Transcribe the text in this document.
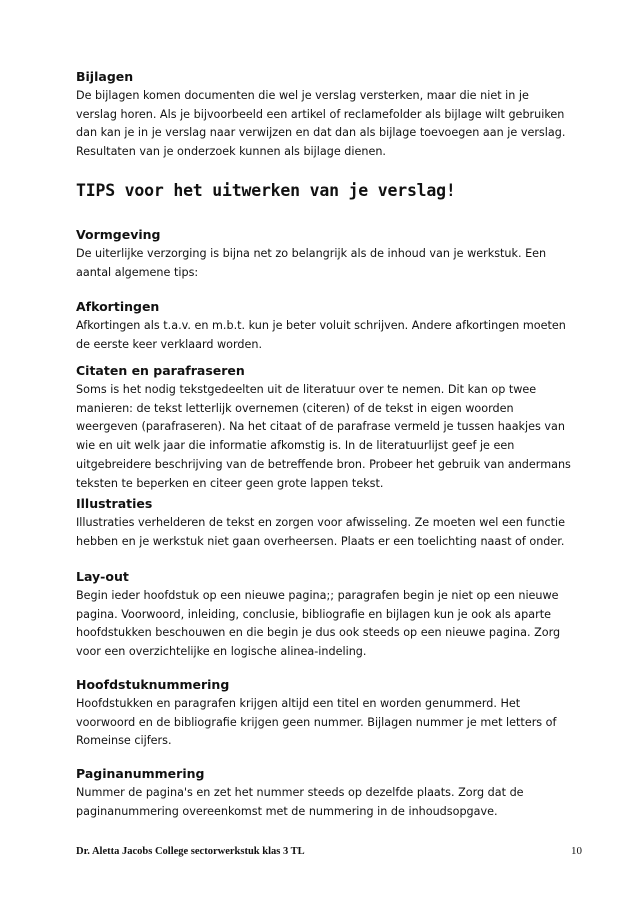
Bijlagen

De bijlagen komen documenten die wel je verslag versterken, maar die niet in je verslag horen. Als je bijvoorbeeld een artikel of reclamefolder als bijlage wilt gebruiken dan kan je in je verslag naar verwijzen en dat dan als bijlage toevoegen aan je verslag. Resultaten van je onderzoek kunnen als bijlage dienen.

TIPS voor het uitwerken van je verslag!
Vormgeving

De uiterlijke verzorging is bijna net zo belangrijk als de inhoud van je werkstuk. Een aantal algemene tips:

Afkortingen

Afkortingen als t.a.v. en m.b.t. kun je beter voluit schrijven. Andere afkortingen moeten de eerste keer verklaard worden.

Citaten en parafraseren

Soms is het nodig tekstgedeelten uit de literatuur over te nemen. Dit kan op twee manieren: de tekst letterlijk overnemen (citeren) of de tekst in eigen woorden weergeven (parafraseren). Na het citaat of de parafrase vermeld je tussen haakjes van wie en uit welk jaar die informatie afkomstig is. In de literatuurlijst geef je een uitgebreidere beschrijving van de betreffende bron. Probeer het gebruik van andermans teksten te beperken en citeer geen grote lappen tekst.

Illustraties

Illustraties verhelderen de tekst en zorgen voor afwisseling. Ze moeten wel een functie hebben en je werkstuk niet gaan overheersen. Plaats er een toelichting naast of onder.

Lay-out

Begin ieder hoofdstuk op een nieuwe pagina;; paragrafen begin je niet op een nieuwe pagina. Voorwoord, inleiding, conclusie, bibliografie en bijlagen kun je ook als aparte hoofdstukken beschouwen en die begin je dus ook steeds op een nieuwe pagina. Zorg voor een overzichtelijke en logische alinea-indeling.

Hoofdstuknummering

Hoofdstukken en paragrafen krijgen altijd een titel en worden genummerd. Het voorwoord en de bibliografie krijgen geen nummer. Bijlagen nummer je met letters of Romeinse cijfers.

Paginanummering

Nummer de pagina's en zet het nummer steeds op dezelfde plaats. Zorg dat de paginanummering overeenkomst met de nummering in de inhoudsopgave.

Dr. Aletta Jacobs College sectorwerkstuk klas 3 TL	10
